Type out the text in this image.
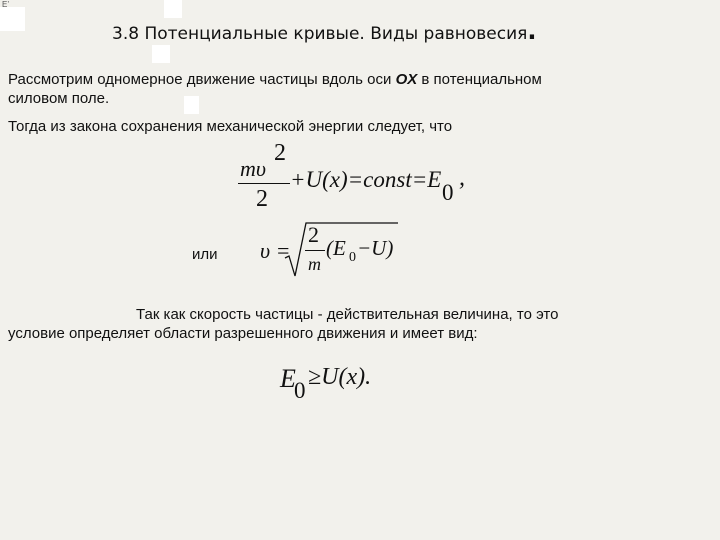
E’
3.8 Потенциальные кривые. Виды равновесия.
Рассмотрим одномерное движение частицы вдоль оси OX в потенциальном
силовом поле.
Тогда из закона сохранения механической энергии следует, что
mυ
2
2
+U(x)=const=E
0
,
или υ =
2
m
(E 0 −U)
Так как скорость частицы - действительная величина, то это
условие определяет области разрешенного движения и имеет вид:
E
0
≥U(x).
